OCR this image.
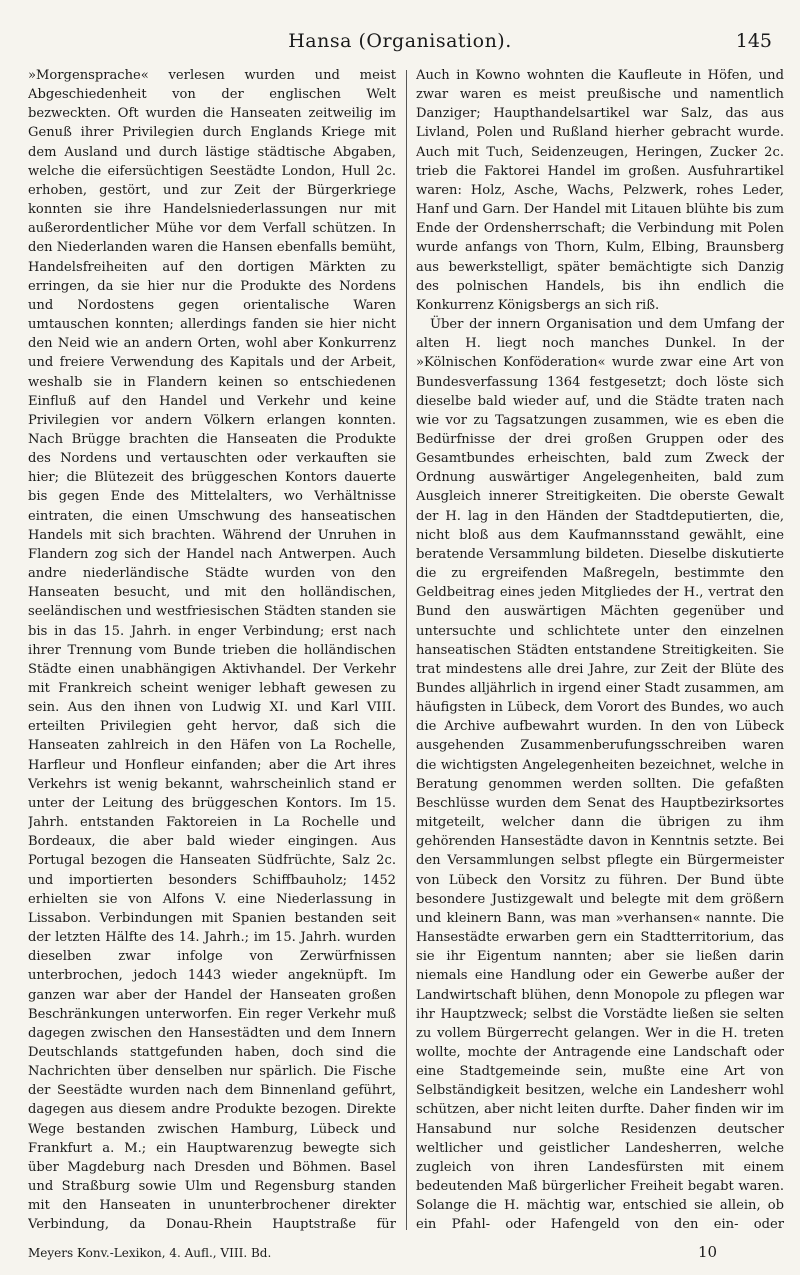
Hansa (Organisation).	145

»Morgensprache« verlesen wurden und meist Abgeschiedenheit von der englischen Welt bezweckten. Oft wurden die Hanseaten zeitweilig im Genuß ihrer Privilegien durch Englands Kriege mit dem Ausland und durch lästige städtische Abgaben, welche die eifersüchtigen Seestädte London, Hull 2c. erhoben, gestört, und zur Zeit der Bürgerkriege konnten sie ihre Handelsniederlassungen nur mit außerordentlicher Mühe vor dem Verfall schützen. In den Niederlanden waren die Hansen ebenfalls bemüht, Handelsfreiheiten auf den dortigen Märkten zu erringen, da sie hier nur die Produkte des Nordens und Nordostens gegen orientalische Waren umtauschen konnten; allerdings fanden sie hier nicht den Neid wie an andern Orten, wohl aber Konkurrenz und freiere Verwendung des Kapitals und der Arbeit, weshalb sie in Flandern keinen so entschiedenen Einfluß auf den Handel und Verkehr und keine Privilegien vor andern Völkern erlangen konnten. Nach Brügge brachten die Hanseaten die Produkte des Nordens und vertauschten oder verkauften sie hier; die Blütezeit des brüggeschen Kontors dauerte bis gegen Ende des Mittelalters, wo Verhältnisse eintraten, die einen Umschwung des hanseatischen Handels mit sich brachten. Während der Unruhen in Flandern zog sich der Handel nach Antwerpen. Auch andre niederländische Städte wurden von den Hanseaten besucht, und mit den holländischen, seeländischen und westfriesischen Städten standen sie bis in das 15. Jahrh. in enger Verbindung; erst nach ihrer Trennung vom Bunde trieben die holländischen Städte einen unabhängigen Aktivhandel. Der Verkehr mit Frankreich scheint weniger lebhaft gewesen zu sein. Aus den ihnen von Ludwig XI. und Karl VIII. erteilten Privilegien geht hervor, daß sich die Hanseaten zahlreich in den Häfen von La Rochelle, Harfleur und Honfleur einfanden; aber die Art ihres Verkehrs ist wenig bekannt, wahrscheinlich stand er unter der Leitung des brüggeschen Kontors. Im 15. Jahrh. entstanden Faktoreien in La Rochelle und Bordeaux, die aber bald wieder eingingen. Aus Portugal bezogen die Hanseaten Südfrüchte, Salz 2c. und importierten besonders Schiffbauholz; 1452 erhielten sie von Alfons V. eine Niederlassung in Lissabon. Verbindungen mit Spanien bestanden seit der letzten Hälfte des 14. Jahrh.; im 15. Jahrh. wurden dieselben zwar infolge von Zerwürfnissen unterbrochen, jedoch 1443 wieder angeknüpft. Im ganzen war aber der Handel der Hanseaten großen Beschränkungen unterworfen. Ein reger Verkehr muß dagegen zwischen den Hansestädten und dem Innern Deutschlands stattgefunden haben, doch sind die Nachrichten über denselben nur spärlich. Die Fische der Seestädte wurden nach dem Binnenland geführt, dagegen aus diesem andre Produkte bezogen. Direkte Wege bestanden zwischen Hamburg, Lübeck und Frankfurt a. M.; ein Hauptwarenzug bewegte sich über Magdeburg nach Dresden und Böhmen. Basel und Straßburg sowie Ulm und Regensburg standen mit den Hanseaten in ununterbrochener direkter Verbindung, da Donau-Rhein Hauptstraße für

Auch in Kowno wohnten die Kaufleute in Höfen, und zwar waren es meist preußische und namentlich Danziger; Haupthandelsartikel war Salz, das aus Livland, Polen und Rußland hierher gebracht wurde. Auch mit Tuch, Seidenzeugen, Heringen, Zucker 2c. trieb die Faktorei Handel im großen. Ausfuhrartikel waren: Holz, Asche, Wachs, Pelzwerk, rohes Leder, Hanf und Garn. Der Handel mit Litauen blühte bis zum Ende der Ordensherrschaft; die Verbindung mit Polen wurde anfangs von Thorn, Kulm, Elbing, Braunsberg aus bewerkstelligt, später bemächtigte sich Danzig des polnischen Handels, bis ihn endlich die Konkurrenz Königsbergs an sich riß.

Über der innern Organisation und dem Umfang der alten H. liegt noch manches Dunkel. In der »Kölnischen Konföderation« wurde zwar eine Art von Bundesverfassung 1364 festgesetzt; doch löste sich dieselbe bald wieder auf, und die Städte traten nach wie vor zu Tagsatzungen zusammen, wie es eben die Bedürfnisse der drei großen Gruppen oder des Gesamtbundes erheischten, bald zum Zweck der Ordnung auswärtiger Angelegenheiten, bald zum Ausgleich innerer Streitigkeiten. Die oberste Gewalt der H. lag in den Händen der Stadtdeputierten, die, nicht bloß aus dem Kaufmannsstand gewählt, eine beratende Versammlung bildeten. Dieselbe diskutierte die zu ergreifenden Maßregeln, bestimmte den Geldbeitrag eines jeden Mitgliedes der H., vertrat den Bund den auswärtigen Mächten gegenüber und untersuchte und schlichtete unter den einzelnen hanseatischen Städten entstandene Streitigkeiten. Sie trat mindestens alle drei Jahre, zur Zeit der Blüte des Bundes alljährlich in irgend einer Stadt zusammen, am häufigsten in Lübeck, dem Vorort des Bundes, wo auch die Archive aufbewahrt wurden. In den von Lübeck ausgehenden Zusammenberufungsschreiben waren die wichtigsten Angelegenheiten bezeichnet, welche in Beratung genommen werden sollten. Die gefaßten Beschlüsse wurden dem Senat des Hauptbezirksortes mitgeteilt, welcher dann die übrigen zu ihm gehörenden Hansestädte davon in Kenntnis setzte. Bei den Versammlungen selbst pflegte ein Bürgermeister von Lübeck den Vorsitz zu führen. Der Bund übte besondere Justizgewalt und belegte mit dem größern und kleinern Bann, was man »verhansen« nannte. Die Hansestädte erwarben gern ein Stadtterritorium, das sie ihr Eigentum nannten; aber sie ließen darin niemals eine Handlung oder ein Gewerbe außer der Landwirtschaft blühen, denn Monopole zu pflegen war ihr Hauptzweck; selbst die Vorstädte ließen sie selten zu vollem Bürgerrecht gelangen. Wer in die H. treten wollte, mochte der Antragende eine Landschaft oder eine Stadtgemeinde sein, mußte eine Art von Selbständigkeit besitzen, welche ein Landesherr wohl schützen, aber nicht leiten durfte. Daher finden wir im Hansabund nur solche Residenzen deutscher weltlicher und geistlicher Landesherren, welche zugleich von ihren Landesfürsten mit einem bedeutenden Maß bürgerlicher Freiheit begabt waren. Solange die H. mächtig war, entschied sie allein, ob ein Pfahl- oder Hafengeld von den ein- oder

Meyers Konv.-Lexikon, 4. Aufl., VIII. Bd.	10
